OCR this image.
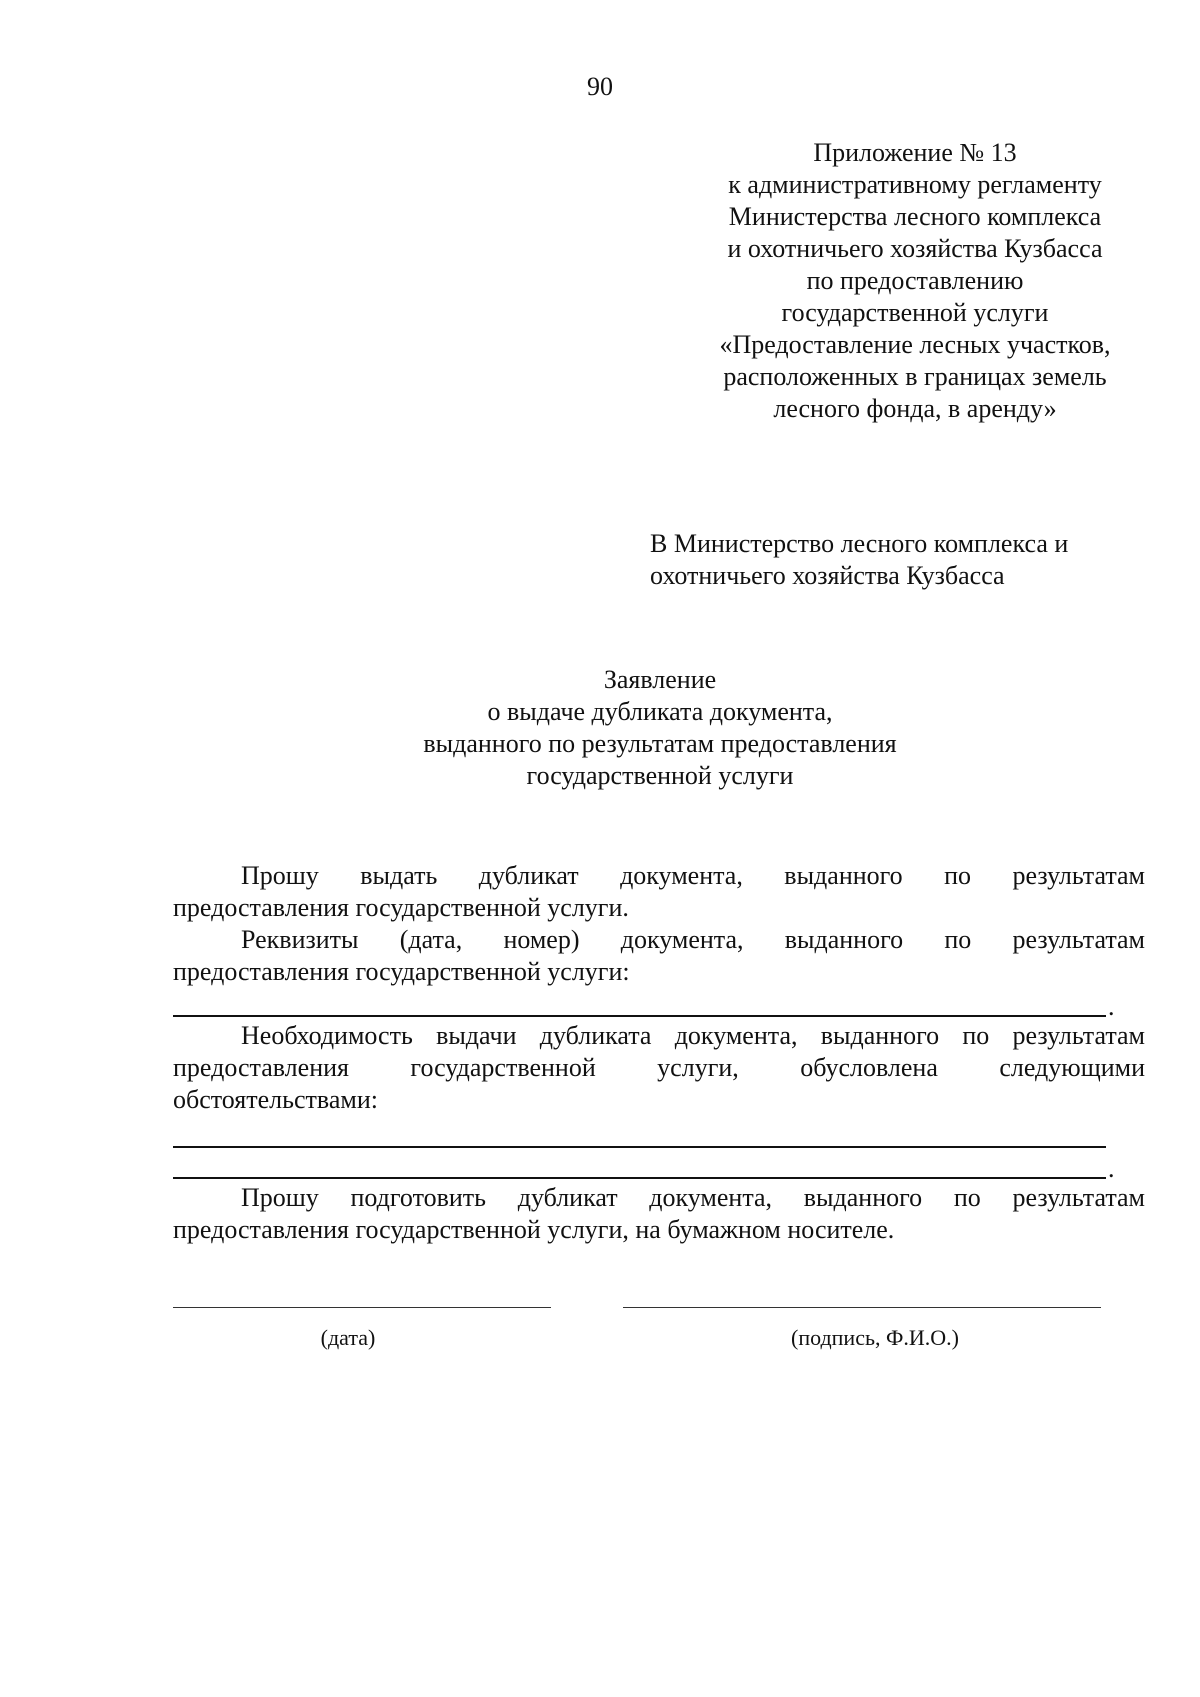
90
Приложение № 13
к административному регламенту
Министерства лесного комплекса
и охотничьего хозяйства Кузбасса
по предоставлению
государственной услуги
«Предоставление лесных участков,
расположенных в границах земель
лесного фонда, в аренду»
В Министерство лесного комплекса и
охотничьего хозяйства Кузбасса
Заявление
о выдаче дубликата документа,
выданного по результатам предоставления
государственной услуги
Прошу выдать дубликат документа, выданного по результатам
предоставления государственной услуги.
Реквизиты (дата, номер) документа, выданного по результатам
предоставления государственной услуги:
.
Необходимость выдачи дубликата документа, выданного по результатам
предоставления государственной услуги, обусловлена следующими
обстоятельствами:
.
Прошу подготовить дубликат документа, выданного по результатам
предоставления государственной услуги, на бумажном носителе.
(дата)	(подпись, Ф.И.О.)
